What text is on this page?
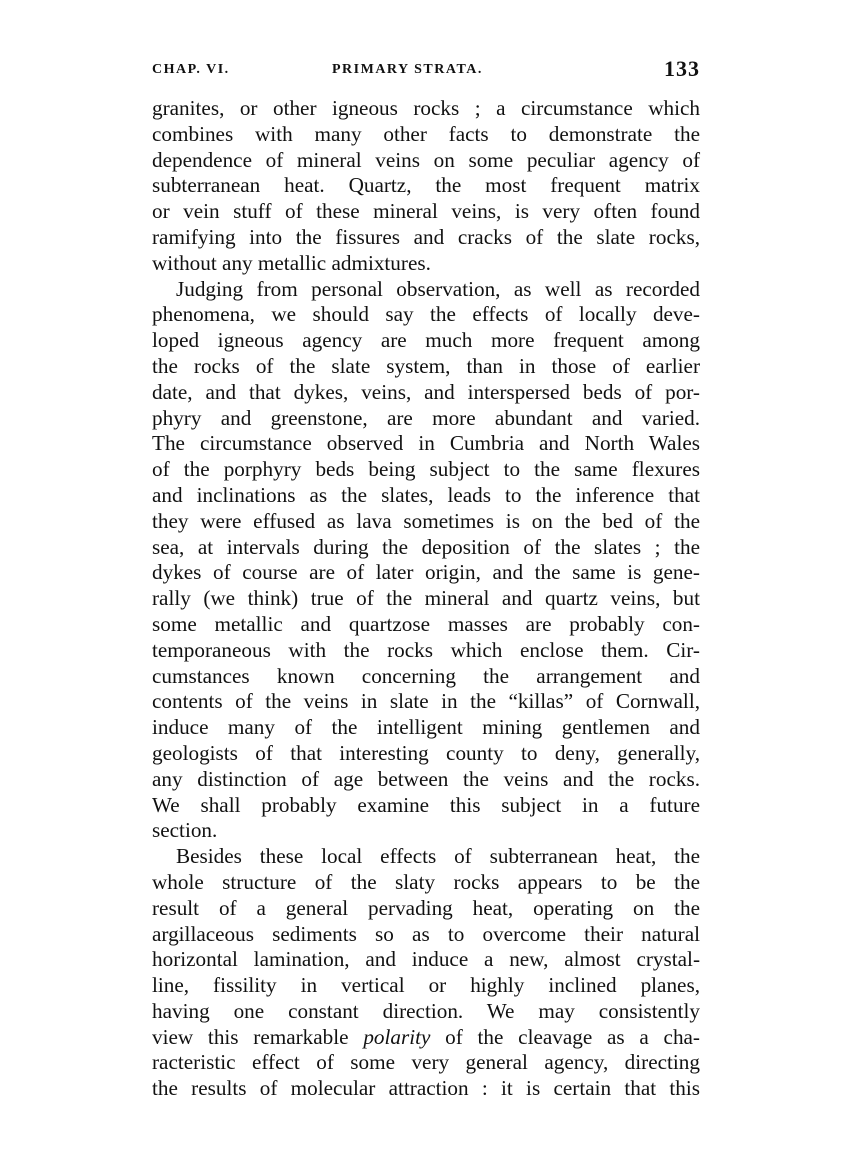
CHAP. VI.	PRIMARY STRATA.	133
granites, or other igneous rocks ; a circumstance which
combines with many other facts to demonstrate the
dependence of mineral veins on some peculiar agency of
subterranean heat. Quartz, the most frequent matrix
or vein stuff of these mineral veins, is very often found
ramifying into the fissures and cracks of the slate rocks,
without any metallic admixtures.
Judging from personal observation, as well as recorded
phenomena, we should say the effects of locally deve-
loped igneous agency are much more frequent among
the rocks of the slate system, than in those of earlier
date, and that dykes, veins, and interspersed beds of por-
phyry and greenstone, are more abundant and varied.
The circumstance observed in Cumbria and North Wales
of the porphyry beds being subject to the same flexures
and inclinations as the slates, leads to the inference that
they were effused as lava sometimes is on the bed of the
sea, at intervals during the deposition of the slates ; the
dykes of course are of later origin, and the same is gene-
rally (we think) true of the mineral and quartz veins, but
some metallic and quartzose masses are probably con-
temporaneous with the rocks which enclose them. Cir-
cumstances known concerning the arrangement and
contents of the veins in slate in the “killas” of Cornwall,
induce many of the intelligent mining gentlemen and
geologists of that interesting county to deny, generally,
any distinction of age between the veins and the rocks.
We shall probably examine this subject in a future
section.
Besides these local effects of subterranean heat, the
whole structure of the slaty rocks appears to be the
result of a general pervading heat, operating on the
argillaceous sediments so as to overcome their natural
horizontal lamination, and induce a new, almost crystal-
line, fissility in vertical or highly inclined planes,
having one constant direction. We may consistently
view this remarkable polarity of the cleavage as a cha-
racteristic effect of some very general agency, directing
the results of molecular attraction : it is certain that this
